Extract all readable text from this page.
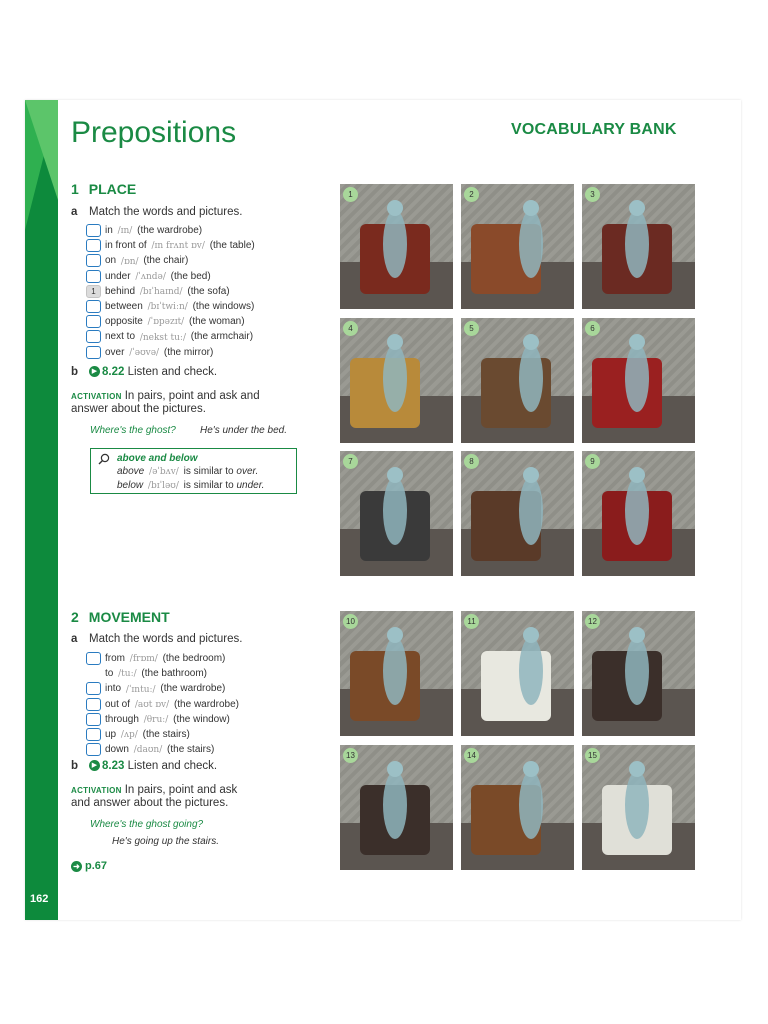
162
Prepositions	VOCABULARY BANK
1 PLACE
a Match the words and pictures.
in /ɪn/ (the wardrobe)
in front of /ɪn frʌnt ɒv/ (the table)
on /ɒn/ (the chair)
under /ˈʌndə/ (the bed)
1 behind /bɪˈhaɪnd/ (the sofa)
between /bɪˈtwiːn/ (the windows)
opposite /ˈɒpəzɪt/ (the woman)
next to /nekst tuː/ (the armchair)
over /ˈəʊvə/ (the mirror)
b ▶ 8.22 Listen and check.
ACTIVATION In pairs, point and ask and
answer about the pictures.
Where's the ghost? He's under the bed.
above and below
above /əˈbʌv/ is similar to over.
below /bɪˈləʊ/ is similar to under.
2 MOVEMENT
a Match the words and pictures.
from /frɒm/ (the bedroom)
to /tuː/ (the bathroom)
into /ˈɪntuː/ (the wardrobe)
out of /aʊt ɒv/ (the wardrobe)
through /θruː/ (the window)
up /ʌp/ (the stairs)
down /daʊn/ (the stairs)
b ▶ 8.23 Listen and check.
ACTIVATION In pairs, point and ask
and answer about the pictures.
Where's the ghost going?
He's going up the stairs.
➜ p.67
1	2	3
4	5	6
7	8	9
10	11	12
13	14	15
